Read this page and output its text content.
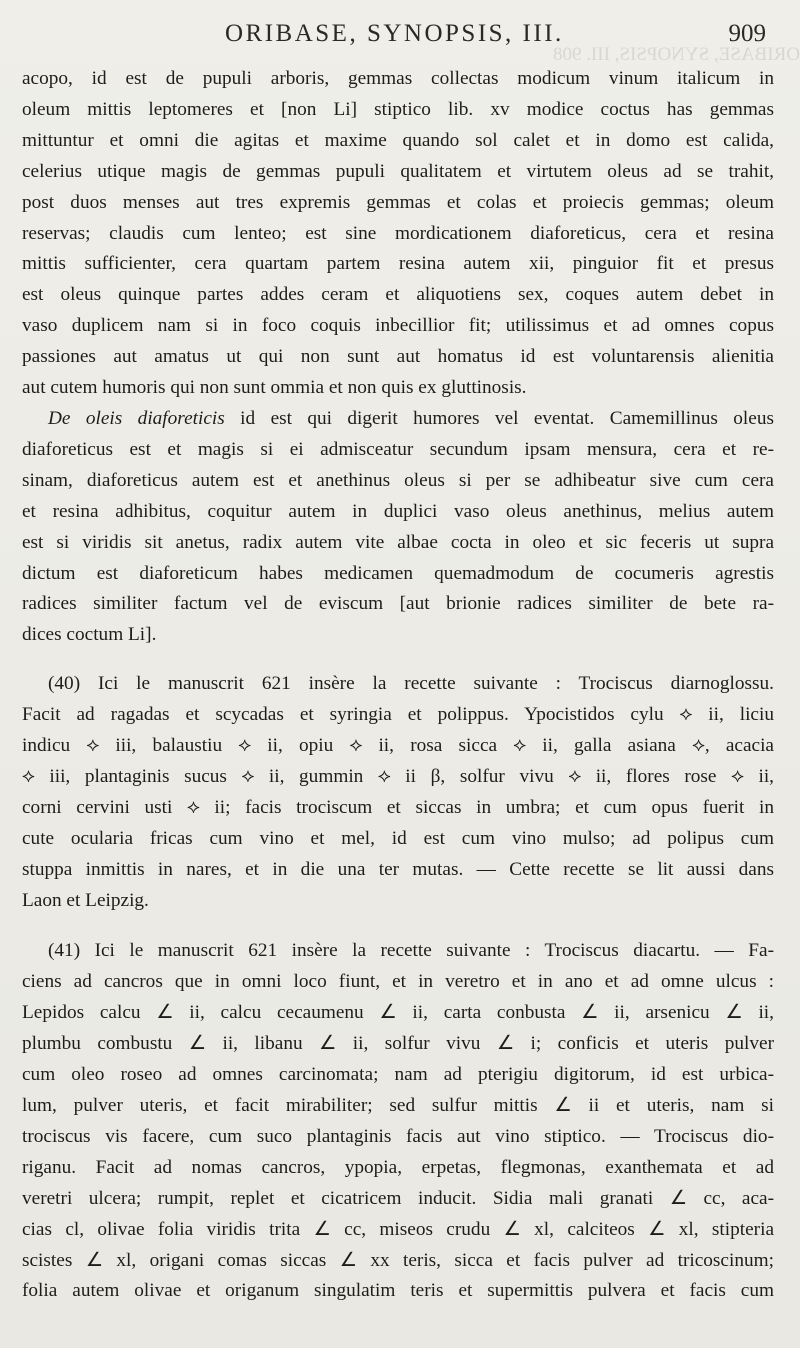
ORIBASE, SYNOPSIS, III. 908
ORIBASE, SYNOPSIS, III.	909

acopo, id est de pupuli arboris, gemmas collectas modicum vinum italicum in
oleum mittis leptomeres et [non Li] stiptico lib. xv modice coctus has gemmas
mittuntur et omni die agitas et maxime quando sol calet et in domo est calida,
celerius utique magis de gemmas pupuli qualitatem et virtutem oleus ad se trahit,
post duos menses aut tres expremis gemmas et colas et proiecis gemmas; oleum
reservas; claudis cum lenteo; est sine mordicationem diaforeticus, cera et resina
mittis sufficienter, cera quartam partem resina autem xii, pinguior fit et presus
est oleus quinque partes addes ceram et aliquotiens sex, coques autem debet in
vaso duplicem nam si in foco coquis inbecillior fit; utilissimus et ad omnes copus
passiones aut amatus ut qui non sunt aut homatus id est voluntarensis alienitia
aut cutem humoris qui non sunt ommia et non quis ex gluttinosis.

De oleis diaforeticis id est qui digerit humores vel eventat. Camemillinus oleus
diaforeticus est et magis si ei admisceatur secundum ipsam mensura, cera et re-
sinam, diaforeticus autem est et anethinus oleus si per se adhibeatur sive cum cera
et resina adhibitus, coquitur autem in duplici vaso oleus anethinus, melius autem
est si viridis sit anetus, radix autem vite albae cocta in oleo et sic feceris ut supra
dictum est diaforeticum habes medicamen quemadmodum de cocumeris agrestis
radices similiter factum vel de eviscum [aut brionie radices similiter de bete ra-
dices coctum Li].

(40) Ici le manuscrit 621 insère la recette suivante : Trociscus diarnoglossu.
Facit ad ragadas et scycadas et syringia et polippus. Ypocistidos cylu ⟡ ii, liciu
indicu ⟡ iii, balaustiu ⟡ ii, opiu ⟡ ii, rosa sicca ⟡ ii, galla asiana ⟡, acacia
⟡ iii, plantaginis sucus ⟡ ii, gummin ⟡ ii β, solfur vivu ⟡ ii, flores rose ⟡ ii,
corni cervini usti ⟡ ii; facis trociscum et siccas in umbra; et cum opus fuerit in
cute ocularia fricas cum vino et mel, id est cum vino mulso; ad polipus cum
stuppa inmittis in nares, et in die una ter mutas. — Cette recette se lit aussi dans
Laon et Leipzig.

(41) Ici le manuscrit 621 insère la recette suivante : Trociscus diacartu. — Fa-
ciens ad cancros que in omni loco fiunt, et in veretro et in ano et ad omne ulcus :
Lepidos calcu ∠ ii, calcu cecaumenu ∠ ii, carta conbusta ∠ ii, arsenicu ∠ ii,
plumbu combustu ∠ ii, libanu ∠ ii, solfur vivu ∠ i; conficis et uteris pulver
cum oleo roseo ad omnes carcinomata; nam ad pterigiu digitorum, id est urbica-
lum, pulver uteris, et facit mirabiliter; sed sulfur mittis ∠ ii et uteris, nam si
trociscus vis facere, cum suco plantaginis facis aut vino stiptico. — Trociscus dio-
riganu. Facit ad nomas cancros, ypopia, erpetas, flegmonas, exanthemata et ad
veretri ulcera; rumpit, replet et cicatricem inducit. Sidia mali granati ∠ cc, aca-
cias cl, olivae folia viridis trita ∠ cc, miseos crudu ∠ xl, calciteos ∠ xl, stipteria
scistes ∠ xl, origani comas siccas ∠ xx teris, sicca et facis pulver ad tricoscinum;
folia autem olivae et origanum singulatim teris et supermittis pulvera et facis cum
